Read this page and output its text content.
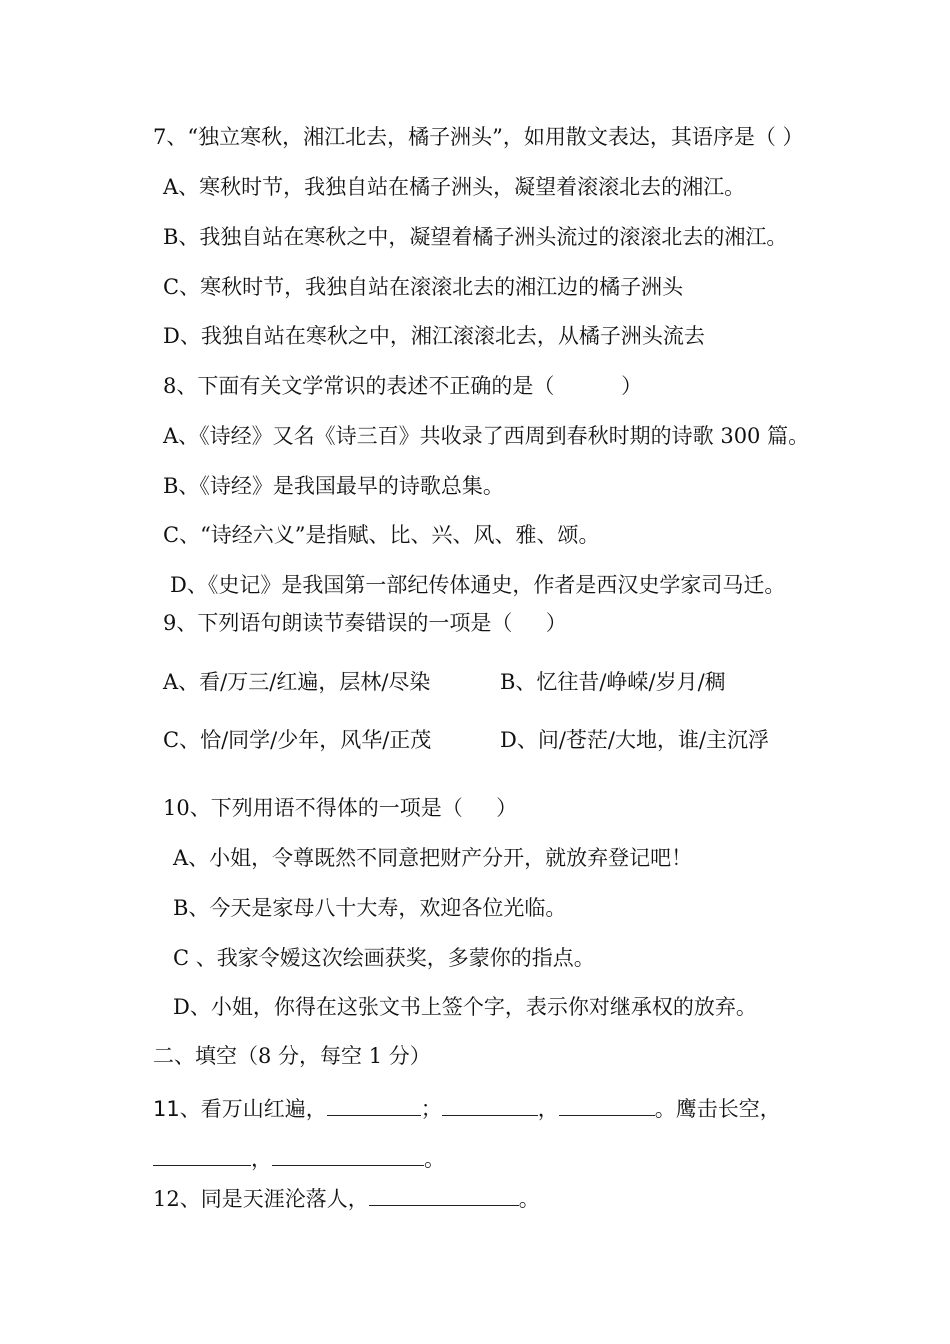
7、“独立寒秋，湘江北去，橘子洲头”，如用散文表达，其语序是（ ）
A、寒秋时节，我独自站在橘子洲头，凝望着滚滚北去的湘江。
B、我独自站在寒秋之中，凝望着橘子洲头流过的滚滚北去的湘江。
C、寒秋时节，我独自站在滚滚北去的湘江边的橘子洲头
D、我独自站在寒秋之中，湘江滚滚北去，从橘子洲头流去
8、下面有关文学常识的表述不正确的是（          ）
A、《诗经》又名《诗三百》共收录了西周到春秋时期的诗歌 300 篇。
B、《诗经》是我国最早的诗歌总集。
C、“诗经六义”是指赋、比、兴、风、雅、颂。
D、《史记》是我国第一部纪传体通史，作者是西汉史学家司马迁。
9、下列语句朗读节奏错误的一项是（     ）
A、看/万三/红遍，层林/尽染	B、忆往昔/峥嵘/岁月/稠
C、恰/同学/少年，风华/正茂	D、问/苍茫/大地，谁/主沉浮
10、下列用语不得体的一项是（     ）
A、小姐，令尊既然不同意把财产分开，就放弃登记吧！
B、今天是家母八十大寿，欢迎各位光临。
C 、我家令嫒这次绘画获奖，多蒙你的指点。
D、小姐，你得在这张文书上签个字，表示你对继承权的放弃。
二、填空（8 分，每空 1 分）
11、看万山红遍，	；	，	。鹰击长空，
，	。
12、同是天涯沦落人，	。
